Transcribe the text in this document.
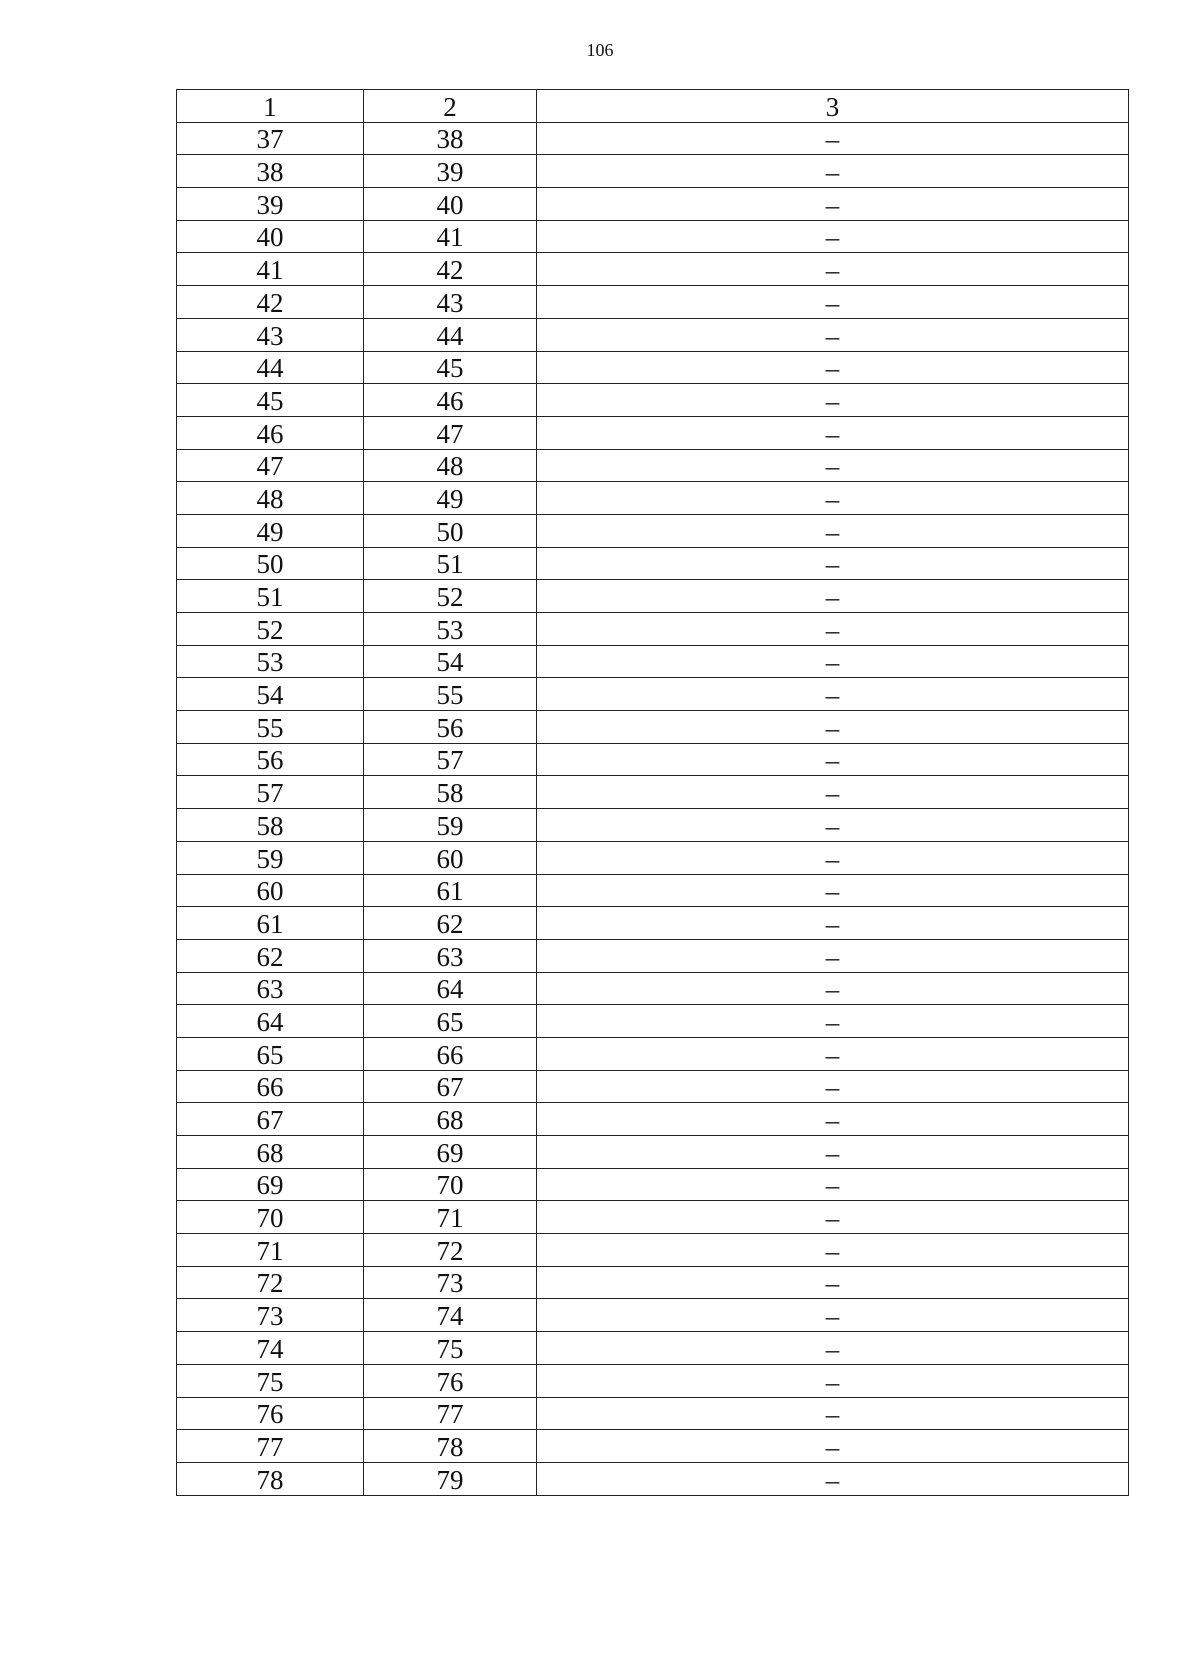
106
1	2	3
37	38	–
38	39	–
39	40	–
40	41	–
41	42	–
42	43	–
43	44	–
44	45	–
45	46	–
46	47	–
47	48	–
48	49	–
49	50	–
50	51	–
51	52	–
52	53	–
53	54	–
54	55	–
55	56	–
56	57	–
57	58	–
58	59	–
59	60	–
60	61	–
61	62	–
62	63	–
63	64	–
64	65	–
65	66	–
66	67	–
67	68	–
68	69	–
69	70	–
70	71	–
71	72	–
72	73	–
73	74	–
74	75	–
75	76	–
76	77	–
77	78	–
78	79	–
